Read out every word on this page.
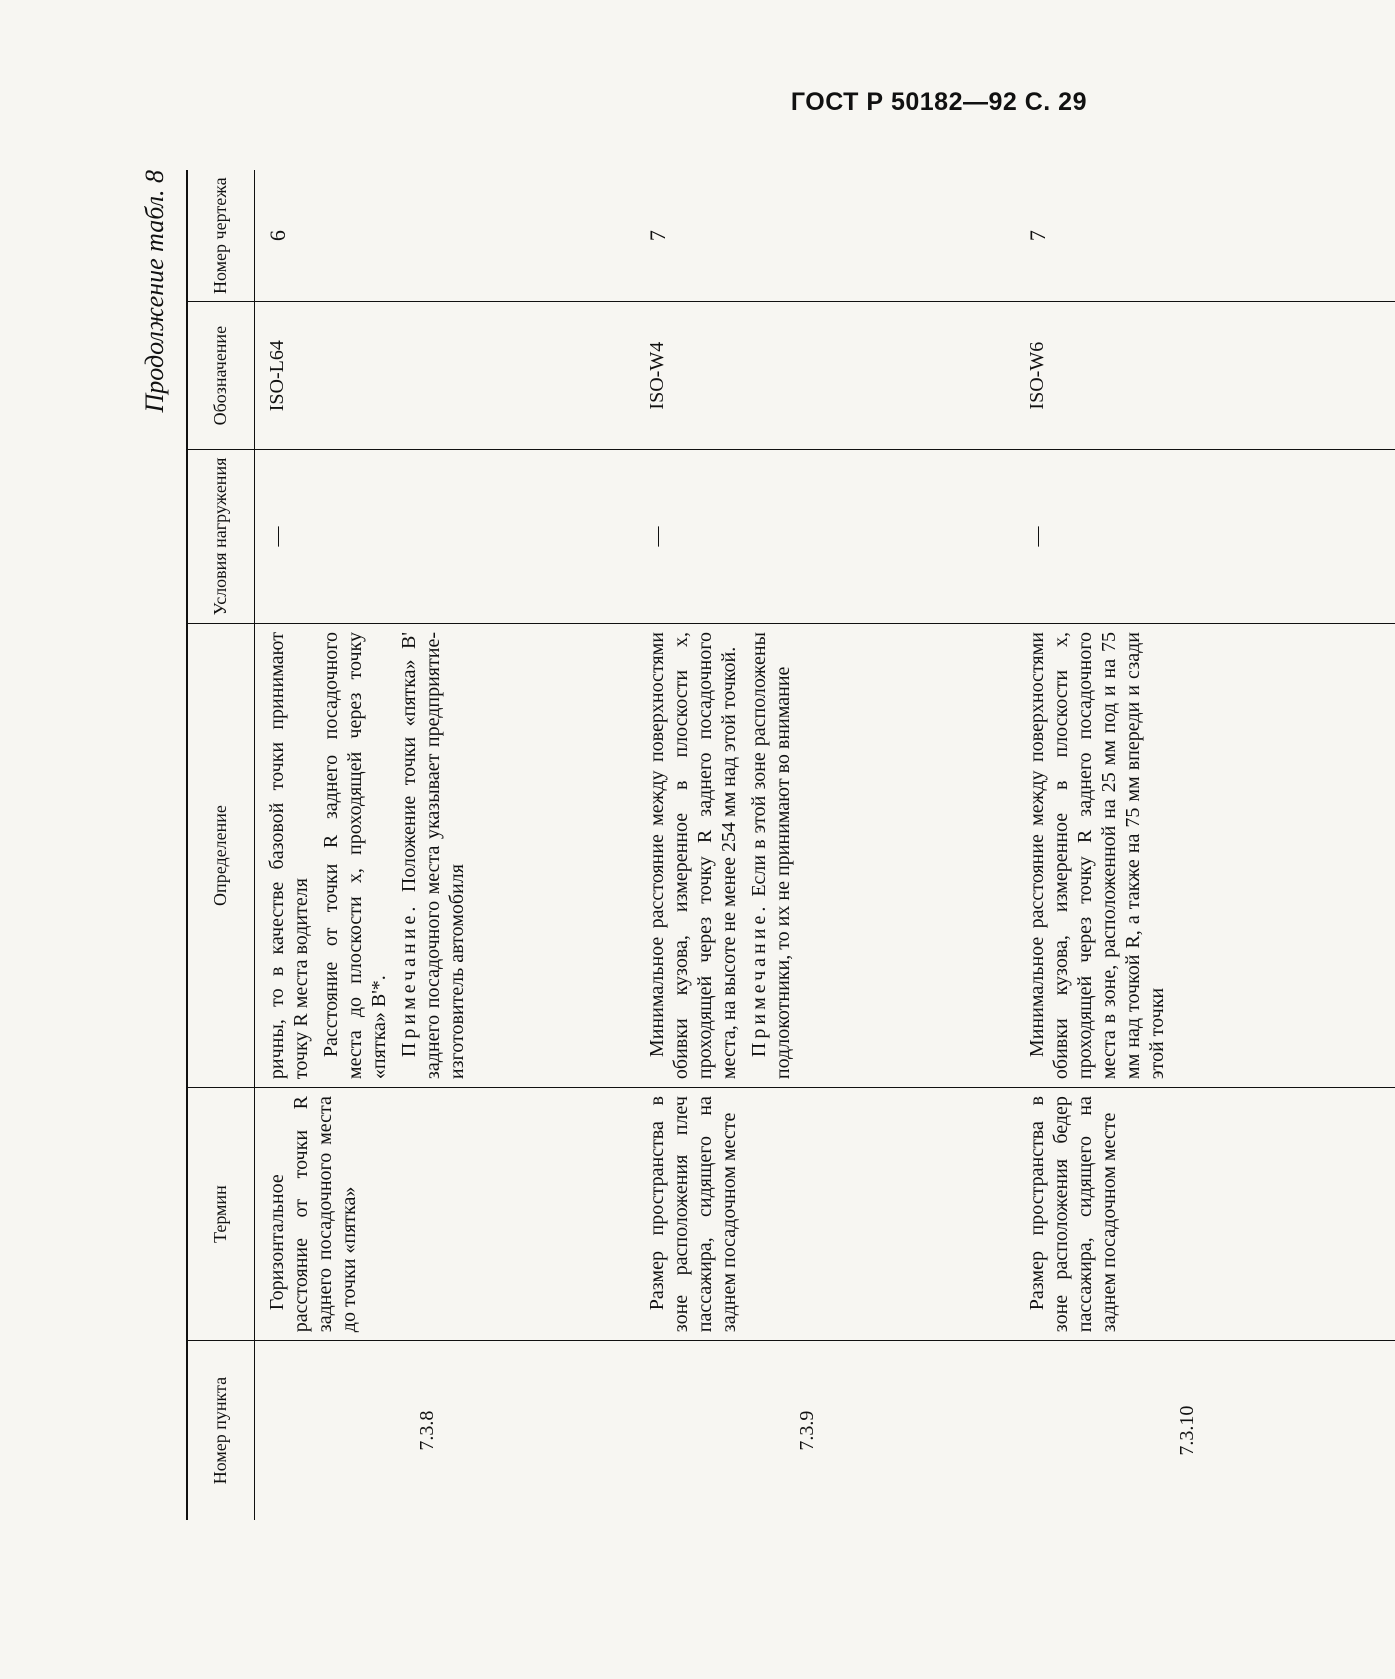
ГОСТ Р 50182—92 С. 29
Продолжение табл. 8
Номер пункта	Термин	Определение	Условия нагружения	Обозначение	Номер чертежа
7.3.8	Горизонтальное расстояние от точки R заднего посадочного места до точки «пятка»	ричны, то в качестве базовой точки принимают точку R места водителя Расстояние от точки R заднего посадочного места до плоскости x, проходящей через точку «пятка» B'*. Примечание. Положение точки «пятка» B' заднего посадочного места указывает предприятие-изготовитель автомобиля	—	ISO-L64	6
7.3.9	Размер пространства в зоне расположения плеч пассажира, сидящего на заднем посадочном месте	Минимальное расстояние между поверхностями обивки кузова, измеренное в плоскости x, проходящей через точку R заднего посадочного места, на высоте не менее 254 мм над этой точкой. Примечание. Если в этой зоне расположены подлокотники, то их не принимают во внимание	—	ISO-W4	7
7.3.10	Размер пространства в зоне расположения бедер пассажира, сидящего на заднем посадочном месте	Минимальное расстояние между поверхностями обивки кузова, измеренное в плоскости x, проходящей через точку R заднего посадочного места в зоне, расположенной на 25 мм под и на 75 мм над точкой R, а также на 75 мм впереди и сзади этой точки	—	ISO-W6	7
